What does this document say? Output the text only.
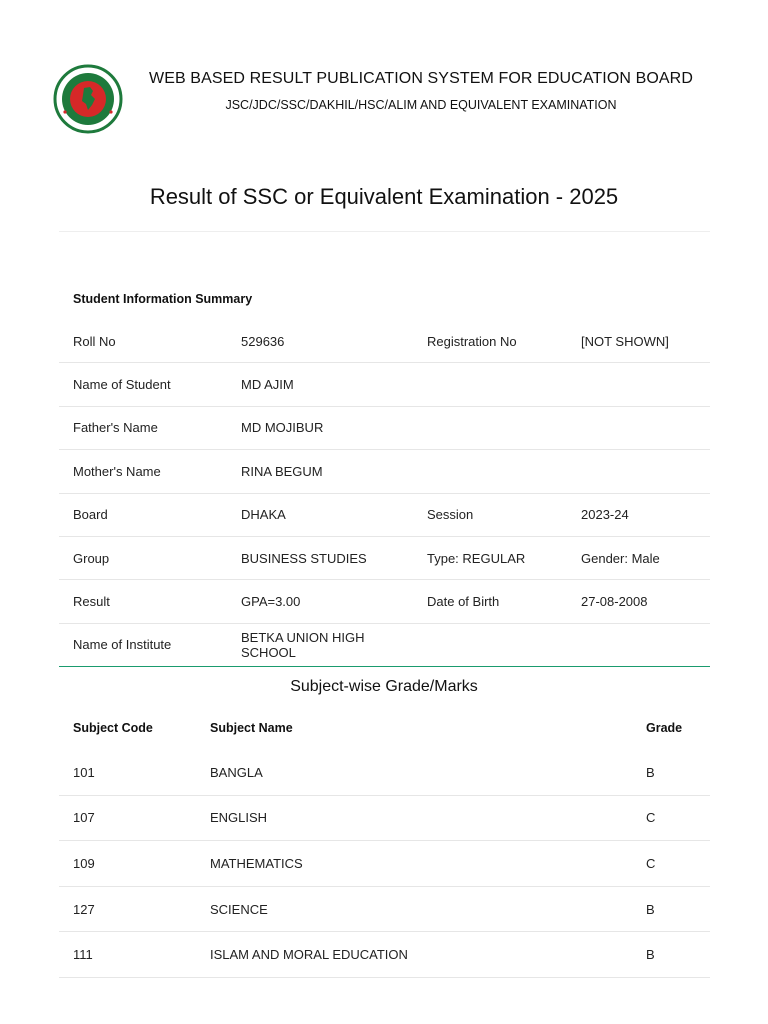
WEB BASED RESULT PUBLICATION SYSTEM FOR EDUCATION BOARD
JSC/JDC/SSC/DAKHIL/HSC/ALIM AND EQUIVALENT EXAMINATION
Result of SSC or Equivalent Examination - 2025
Student Information Summary
Roll No	529636	Registration No	[NOT SHOWN]
Name of Student	MD AJIM		
Father's Name	MD MOJIBUR		
Mother's Name	RINA BEGUM		
Board	DHAKA	Session	2023-24
Group	BUSINESS STUDIES	Type: REGULAR	Gender: Male
Result	GPA=3.00	Date of Birth	27-08-2008
Name of Institute	BETKA UNION HIGH SCHOOL		
Subject-wise Grade/Marks
Subject Code	Subject Name	Grade
101	BANGLA	B
107	ENGLISH	C
109	MATHEMATICS	C
127	SCIENCE	B
111	ISLAM AND MORAL EDUCATION	B
